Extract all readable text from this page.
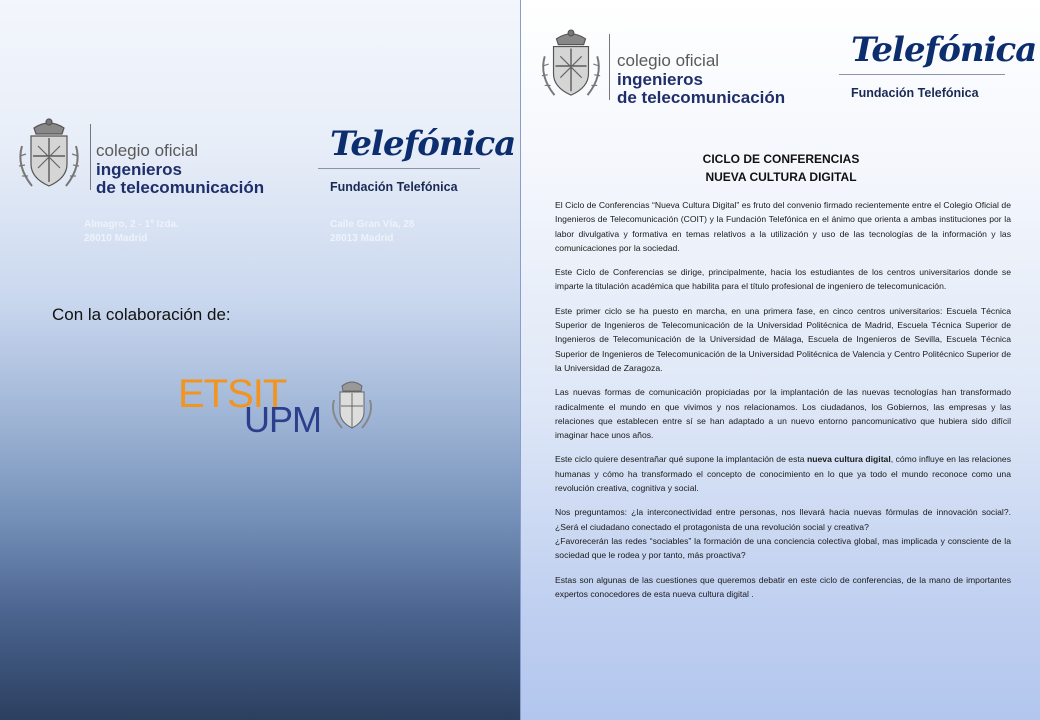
colegio oficial
ingenieros
de telecomunicación
Telefónica
Fundación Telefónica
Almagro, 2 - 1º Izda.
28010 Madrid
Calle Gran Vía, 28
28013 Madrid
Con la colaboración de:
ETSIT
UPM
colegio oficial
ingenieros
de telecomunicación
Telefónica
Fundación Telefónica
CICLO DE CONFERENCIAS
NUEVA CULTURA DIGITAL

El Ciclo de Conferencias “Nueva Cultura Digital” es fruto del convenio firmado recientemente entre el Colegio Oficial de Ingenieros de Telecomunicación (COIT) y la Fundación Telefónica en el ánimo que orienta a ambas instituciones por la labor divulgativa y formativa en temas relativos a la utilización y uso de las tecnologías de la información y las comunicaciones por la sociedad.

Este Ciclo de Conferencias se dirige, principalmente, hacia los estudiantes de los centros universitarios donde se imparte la titulación académica que habilita para el título profesional de ingeniero de telecomunicación.

Este primer ciclo se ha puesto en marcha, en una primera fase, en cinco centros universitarios: Escuela Técnica Superior de Ingenieros de Telecomunicación de la Universidad Politécnica de Madrid, Escuela Técnica Superior de Ingenieros de Telecomunicación de la Universidad de Málaga, Escuela de Ingenieros de Sevilla, Escuela Técnica Superior de Ingenieros de Telecomunicación de la Universidad Politécnica de Valencia y Centro Politécnico Superior de la Universidad de Zaragoza.

Las nuevas formas de comunicación propiciadas por la implantación de las nuevas tecnologías han transformado radicalmente el mundo en que vivimos y nos relacionamos. Los ciudadanos, los Gobiernos, las empresas y las relaciones que establecen entre sí se han adaptado a un nuevo entorno pancomunicativo que hubiera sido difícil imaginar hace unos años.

Este ciclo quiere desentrañar qué supone la implantación de esta nueva cultura digital, cómo influye en las relaciones humanas y cómo ha transformado el concepto de conocimiento en lo que ya todo el mundo reconoce como una revolución creativa, cognitiva y social.

Nos preguntamos: ¿la interconectividad entre personas, nos llevará hacia nuevas fórmulas de innovación social?. ¿Será el ciudadano conectado el protagonista de una revolución social y creativa?

¿Favorecerán las redes “sociables” la formación de una conciencia colectiva global, mas implicada y consciente de la sociedad que le rodea y por tanto, más proactiva?

Estas son algunas de las cuestiones que queremos debatir en este ciclo de conferencias, de la mano de importantes expertos conocedores de esta nueva cultura digital .
